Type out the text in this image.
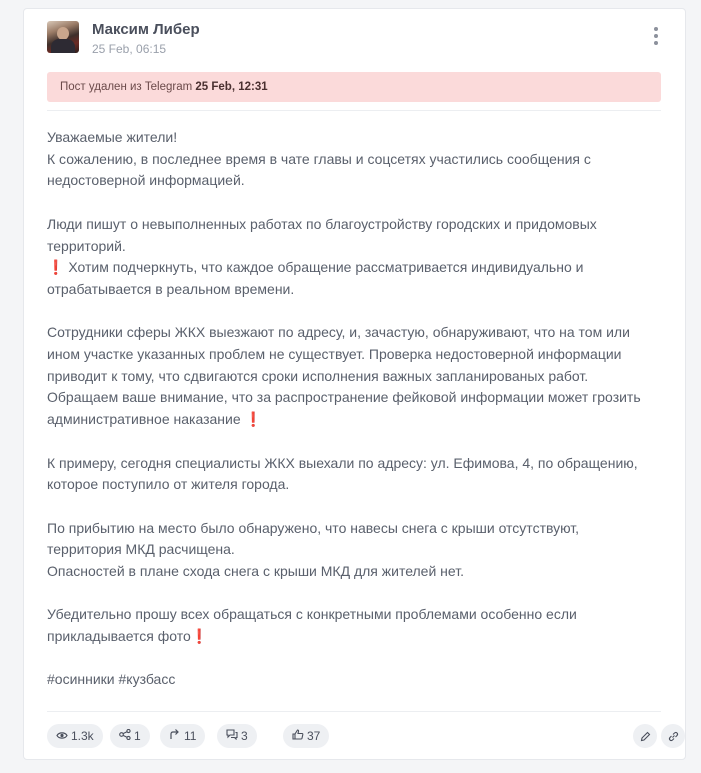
Максим Либер
25 Feb, 06:15
Пост удален из Telegram 25 Feb, 12:31

Уважаемые жители!
К сожалению, в последнее время в чате главы и соцсетях участились сообщения с
недостоверной информацией.

Люди пишут о невыполненных работах по благоустройству городских и придомовых
территорий.
❗ Хотим подчеркнуть, что каждое обращение рассматривается индивидуально и
отрабатывается в реальном времени.

Сотрудники сферы ЖКХ выезжают по адресу, и, зачастую, обнаруживают, что на том или
ином участке указанных проблем не существует. Проверка недостоверной информации
приводит к тому, что сдвигаются сроки исполнения важных запланированых работ.
Обращаем ваше внимание, что за распространение фейковой информации может грозить
административное наказание ❗

К примеру, сегодня специалисты ЖКХ выехали по адресу: ул. Ефимова, 4, по обращению,
которое поступило от жителя города.

По прибытию на место было обнаружено, что навесы снега с крыши отсутствуют,
территория МКД расчищена.
Опасностей в плане схода снега с крыши МКД для жителей нет.

Убедительно прошу всех обращаться с конкретными проблемами особенно если
прикладывается фото❗

#осинники #кузбасс

1.3k	1	11	3	37
